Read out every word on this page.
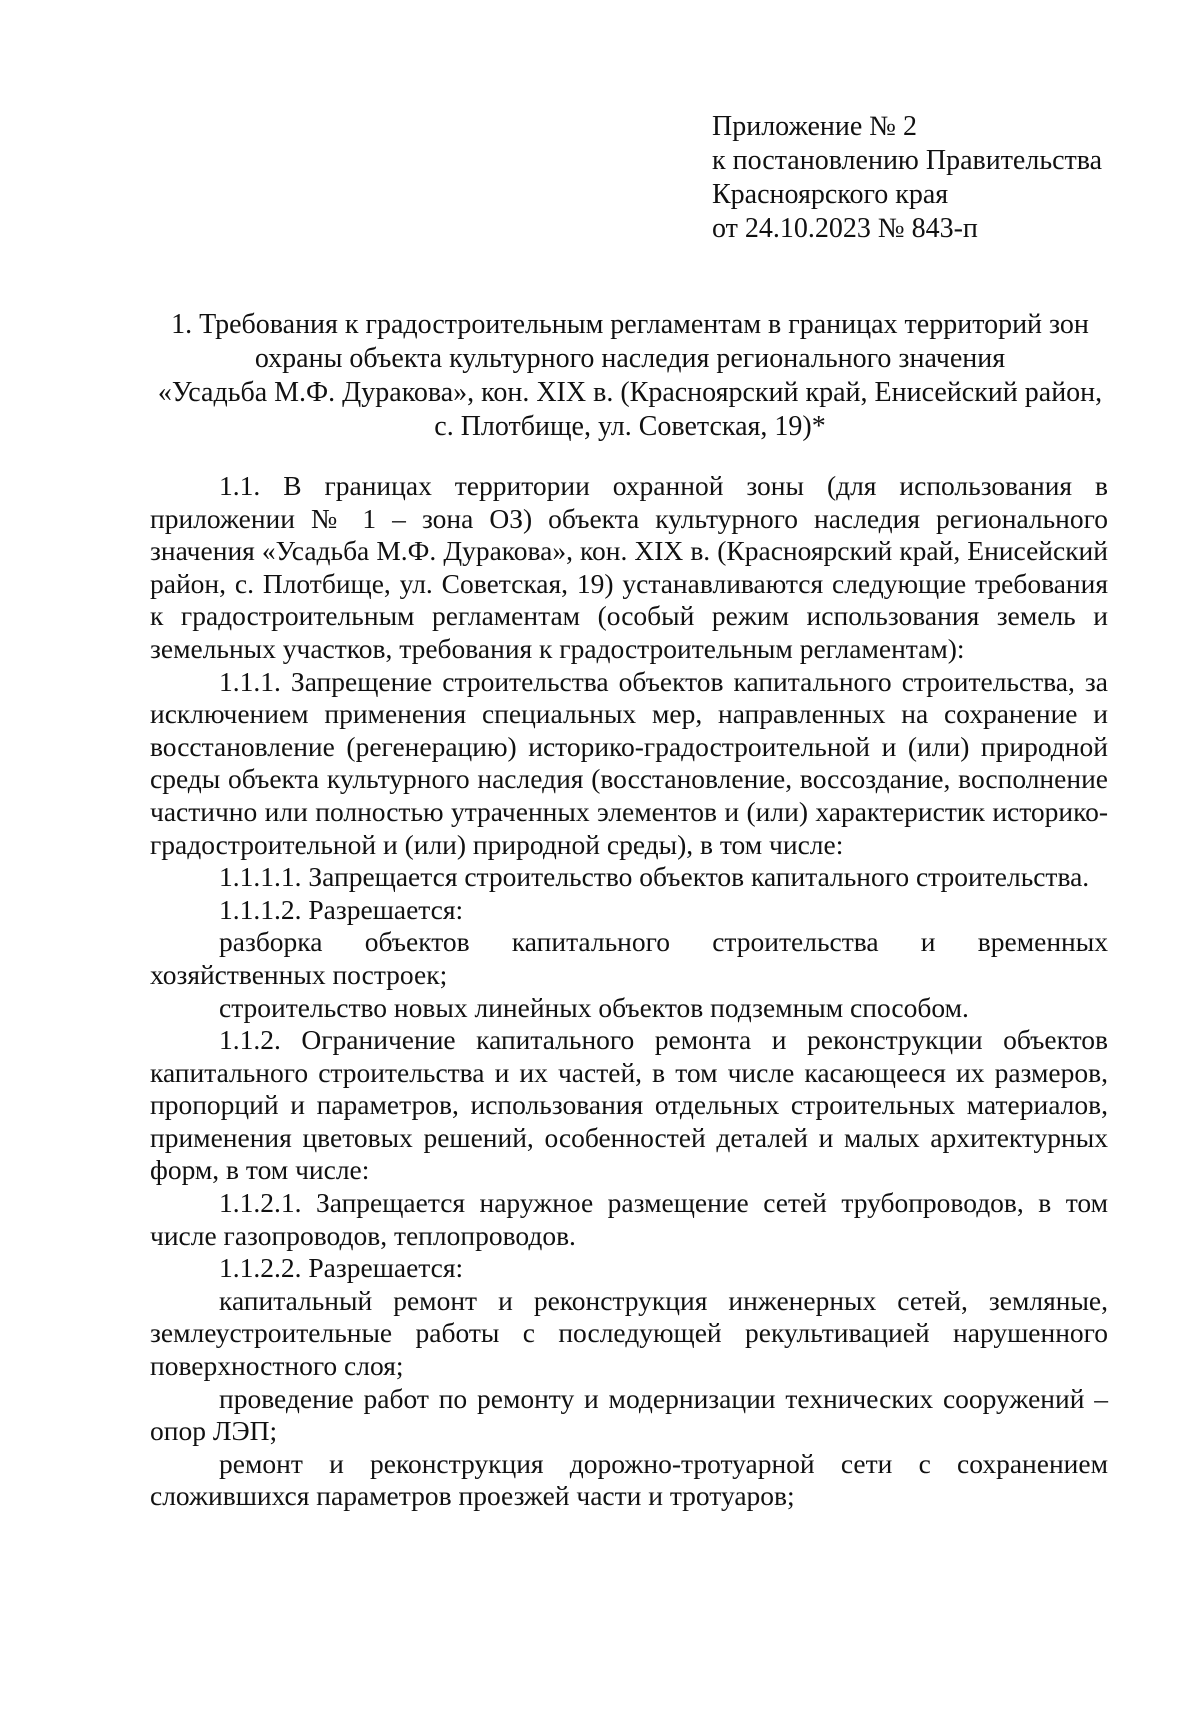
Приложение № 2
к постановлению Правительства
Красноярского края
от 24.10.2023 № 843-п
1. Требования к градостроительным регламентам в границах территорий зон
охраны объекта культурного наследия регионального значения
«Усадьба М.Ф. Дуракова», кон. XIX в. (Красноярский край, Енисейский район,
с. Плотбище, ул. Советская, 19)*

1.1. В границах территории охранной зоны (для использования в приложении № 1 – зона ОЗ) объекта культурного наследия регионального значения «Усадьба М.Ф. Дуракова», кон. XIX в. (Красноярский край, Енисейский район, с. Плотбище, ул. Советская, 19) устанавливаются следующие требования к градостроительным регламентам (особый режим использования земель и земельных участков, требования к градостроительным регламентам):

1.1.1. Запрещение строительства объектов капитального строительства, за исключением применения специальных мер, направленных на сохранение и восстановление (регенерацию) историко-градостроительной и (или) природной среды объекта культурного наследия (восстановление, воссоздание, восполнение частично или полностью утраченных элементов и (или) характеристик историко-градостроительной и (или) природной среды), в том числе:

1.1.1.1. Запрещается строительство объектов капитального строительства.

1.1.1.2. Разрешается:

разборка объектов капитального строительства и временных хозяйственных построек;

строительство новых линейных объектов подземным способом.

1.1.2. Ограничение капитального ремонта и реконструкции объектов капитального строительства и их частей, в том числе касающееся их размеров, пропорций и параметров, использования отдельных строительных материалов, применения цветовых решений, особенностей деталей и малых архитектурных форм, в том числе:

1.1.2.1. Запрещается наружное размещение сетей трубопроводов, в том числе газопроводов, теплопроводов.

1.1.2.2. Разрешается:

капитальный ремонт и реконструкция инженерных сетей, земляные, землеустроительные работы с последующей рекультивацией нарушенного поверхностного слоя;

проведение работ по ремонту и модернизации технических сооружений – опор ЛЭП;

ремонт и реконструкция дорожно-тротуарной сети с сохранением сложившихся параметров проезжей части и тротуаров;
